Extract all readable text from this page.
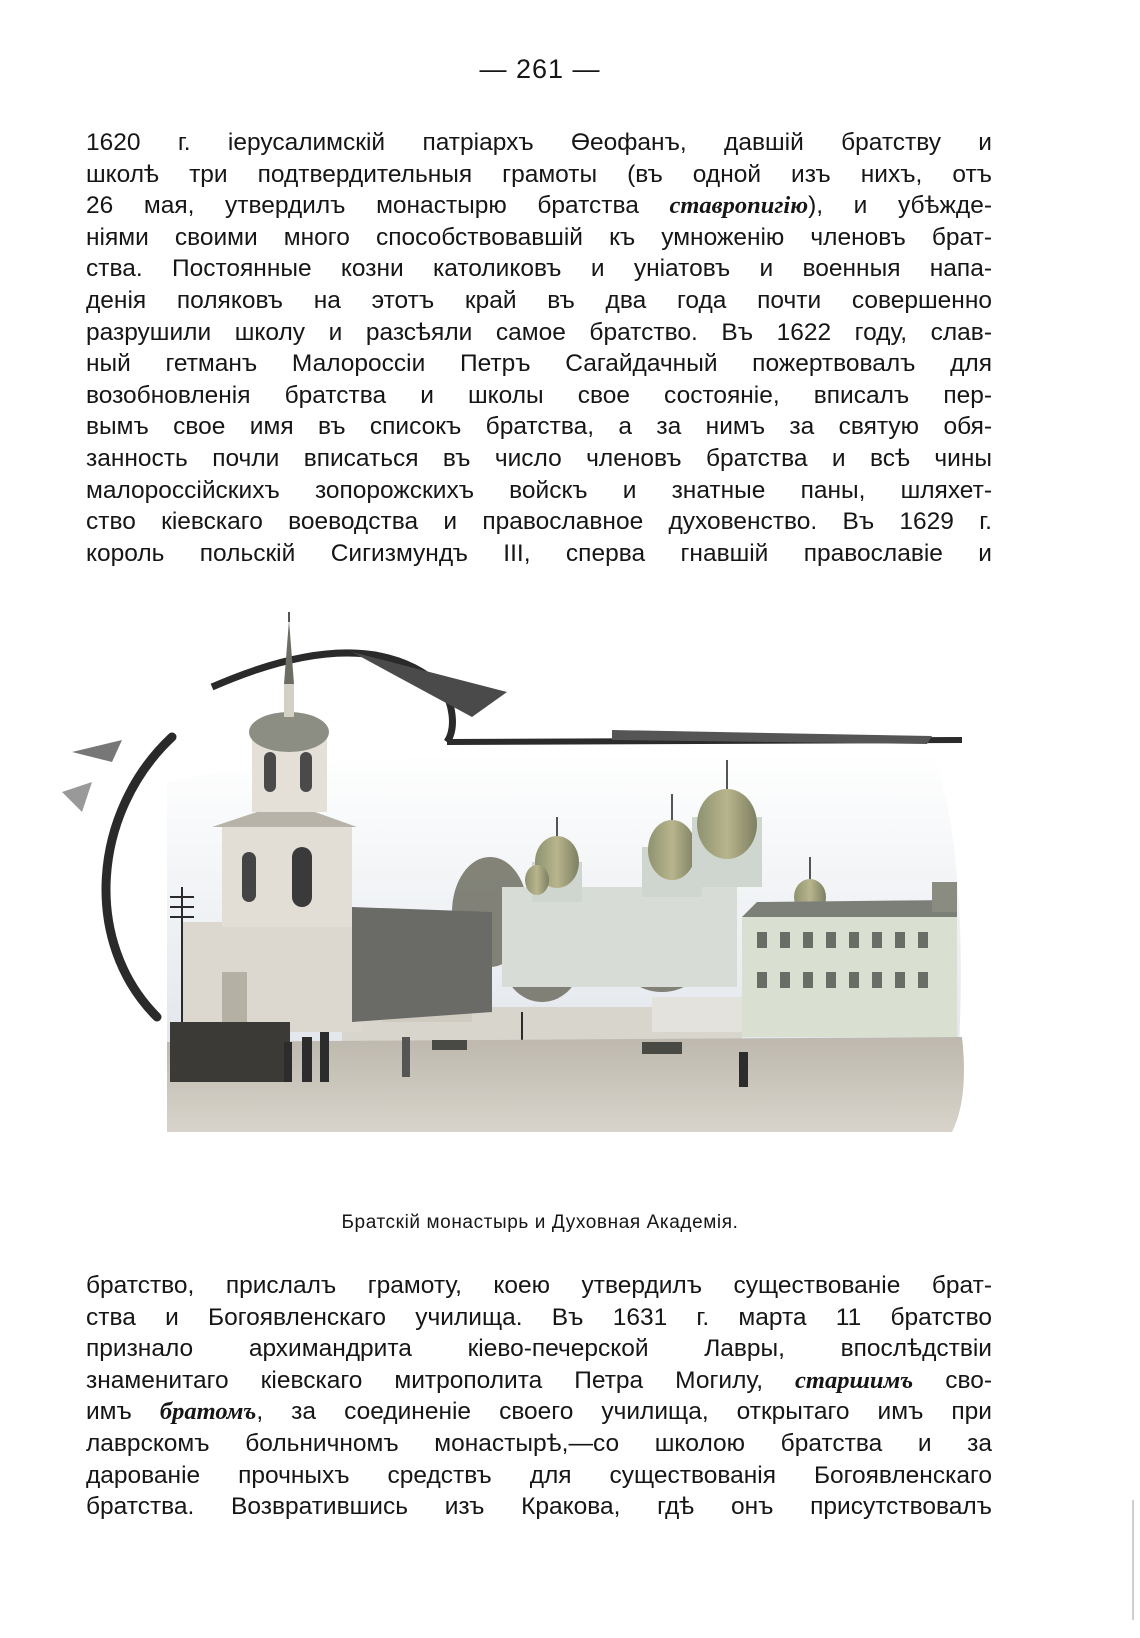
— 261 —
1620 г. iерусалимскiй патрiархъ Өеофанъ, давшiй братству и
школѣ три подтвердительныя грамоты (въ одной изъ нихъ, отъ
26 мая, утвердилъ монастырю братства ставропигiю), и убѣжде-
нiями своими много способствовавшiй къ умноженiю членовъ брат-
ства. Постоянные козни католиковъ и унiатовъ и военныя напа-
денiя поляковъ на этотъ край въ два года почти совершенно
разрушили школу и разсѣяли самое братство. Въ 1622 году, слав-
ный гетманъ Малороссiи Петръ Сагайдачный пожертвовалъ для
возобновленiя братства и школы свое состоянiе, вписалъ пер-
вымъ свое имя въ списокъ братства, а за нимъ за святую обя-
занность почли вписаться въ число членовъ братства и всѣ чины
малороссiйскихъ зопорожскихъ войскъ и знатные паны, шляхет-
ство кiевскаго воеводства и православное духовенство. Въ 1629 г.
король польскiй Сигизмундъ III, сперва гнавшiй православiе и
Братскiй монастырь и Духовная Академiя.
братство, прислалъ грамоту, коею утвердилъ существованiе брат-
ства и Богоявленскаго училища. Въ 1631 г. марта 11 братство
признало архимандрита кiево-печерской Лавры, впослѣдствiи
знаменитаго кiевскаго митрополита Петра Могилу, старшимъ сво-
имъ братомъ, за соединенiе своего училища, открытаго имъ при
лаврскомъ больничномъ монастырѣ,—со школою братства и за
дарованiе прочныхъ средствъ для существованiя Богоявленскаго
братства. Возвратившись изъ Кракова, гдѣ онъ присутствовалъ
